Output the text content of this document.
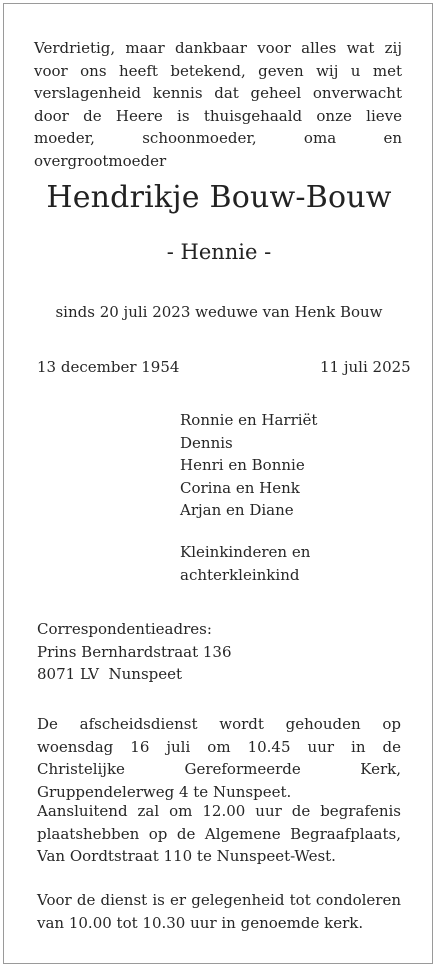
Verdrietig, maar dankbaar voor alles wat zij voor ons heeft betekend, geven wij u met verslagenheid kennis dat geheel onverwacht door de Heere is thuisgehaald onze lieve moeder, schoonmoeder, oma en overgrootmoeder
Hendrikje Bouw-Bouw
- Hennie -
sinds 20 juli 2023 weduwe van Henk Bouw
13 december 1954	11 juli 2025
Ronnie en Harriët
Dennis
Henri en Bonnie
Corina en Henk
Arjan en Diane
Kleinkinderen en
achterkleinkind
Correspondentieadres:
Prins Bernhardstraat 136
8071 LV  Nunspeet
De afscheidsdienst wordt gehouden op woensdag 16 juli om 10.45 uur in de Christelijke Gereformeerde Kerk, Gruppendelerweg 4 te Nunspeet.
Aansluitend zal om 12.00 uur de begrafenis plaatshebben op de Algemene Begraafplaats, Van Oordtstraat 110 te Nunspeet-West.
Voor de dienst is er gelegenheid tot condoleren van 10.00 tot 10.30 uur in genoemde kerk.
